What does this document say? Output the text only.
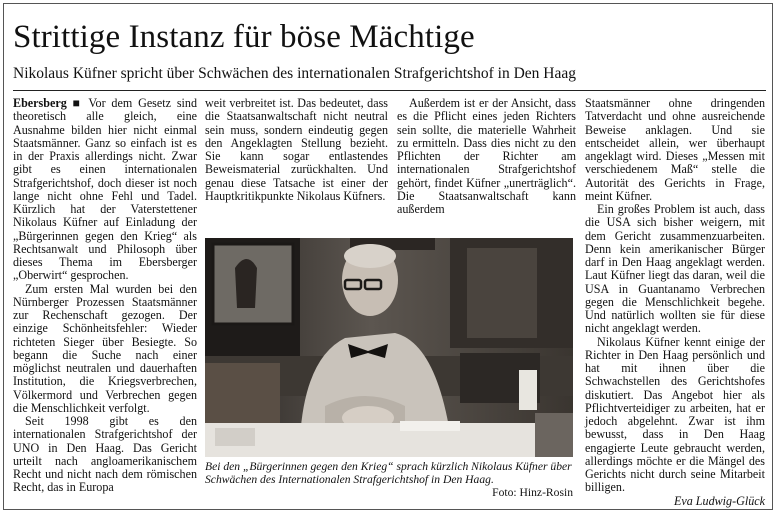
Strittige Instanz für böse Mächtige
Nikolaus Küfner spricht über Schwächen des internationalen Strafgerichtshof in Den Haag

Ebersberg ■ Vor dem Gesetz sind theoretisch alle gleich, eine Ausnahme bilden hier nicht einmal Staatsmänner. Ganz so einfach ist es in der Praxis allerdings nicht. Zwar gibt es einen internationalen Strafgerichtshof, doch dieser ist noch lange nicht ohne Fehl und Tadel. Kürzlich hat der Vaterstettener Nikolaus Küfner auf Einladung der „Bürgerinnen gegen den Krieg“ als Rechtsanwalt und Philosoph über dieses Thema im Ebersberger „Oberwirt“ gesprochen.

Zum ersten Mal wurden bei den Nürnberger Prozessen Staatsmänner zur Rechenschaft gezogen. Der einzige Schönheitsfehler: Wieder richteten Sieger über Besiegte. So begann die Suche nach einer möglichst neutralen und dauerhaften Institution, die Kriegsverbrechen, Völkermord und Verbrechen gegen die Menschlichkeit verfolgt.

Seit 1998 gibt es den internationalen Strafgerichtshof der UNO in Den Haag. Das Gericht urteilt nach angloamerikanischem Recht und nicht nach dem römischen Recht, das in Europa

weit verbreitet ist. Das bedeutet, dass die Staatsanwaltschaft nicht neutral sein muss, sondern eindeutig gegen den Angeklagten Stellung bezieht. Sie kann sogar entlastendes Beweismaterial zurückhalten. Und genau diese Tatsache ist einer der Hauptkritikpunkte Nikolaus Küfners.

Außerdem ist er der Ansicht, dass es die Pflicht eines jeden Richters sein sollte, die materielle Wahrheit zu ermitteln. Dass dies nicht zu den Pflichten der Richter am internationalen Strafgerichtshof gehört, findet Küfner „unerträglich“. Die Staatsanwaltschaft kann außerdem

Staatsmänner ohne dringenden Tatverdacht und ohne ausreichende Beweise anklagen. Und sie entscheidet allein, wer überhaupt angeklagt wird. Dieses „Messen mit verschiedenem Maß“ stelle die Autorität des Gerichts in Frage, meint Küfner.

Ein großes Problem ist auch, dass die USA sich bisher weigern, mit dem Gericht zusammenzuarbeiten. Denn kein amerikanischer Bürger darf in Den Haag angeklagt werden. Laut Küfner liegt das daran, weil die USA in Guantanamo Verbrechen gegen die Menschlichkeit begehe. Und natürlich wollten sie für diese nicht angeklagt werden.

Nikolaus Küfner kennt einige der Richter in Den Haag persönlich und hat mit ihnen über die Schwachstellen des Gerichtshofes diskutiert. Das Angebot hier als Pflichtverteidiger zu arbeiten, hat er jedoch abgelehnt. Zwar ist ihm bewusst, dass in Den Haag engagierte Leute gebraucht werden, allerdings möchte er die Mängel des Gerichts nicht durch seine Mitarbeit billigen.

Eva Ludwig-Glück

Bei den „Bürgerinnen gegen den Krieg“ sprach kürzlich Nikolaus Küfner über Schwächen des Internationalen Strafgerichtshof in Den Haag.
Foto: Hinz-Rosin
